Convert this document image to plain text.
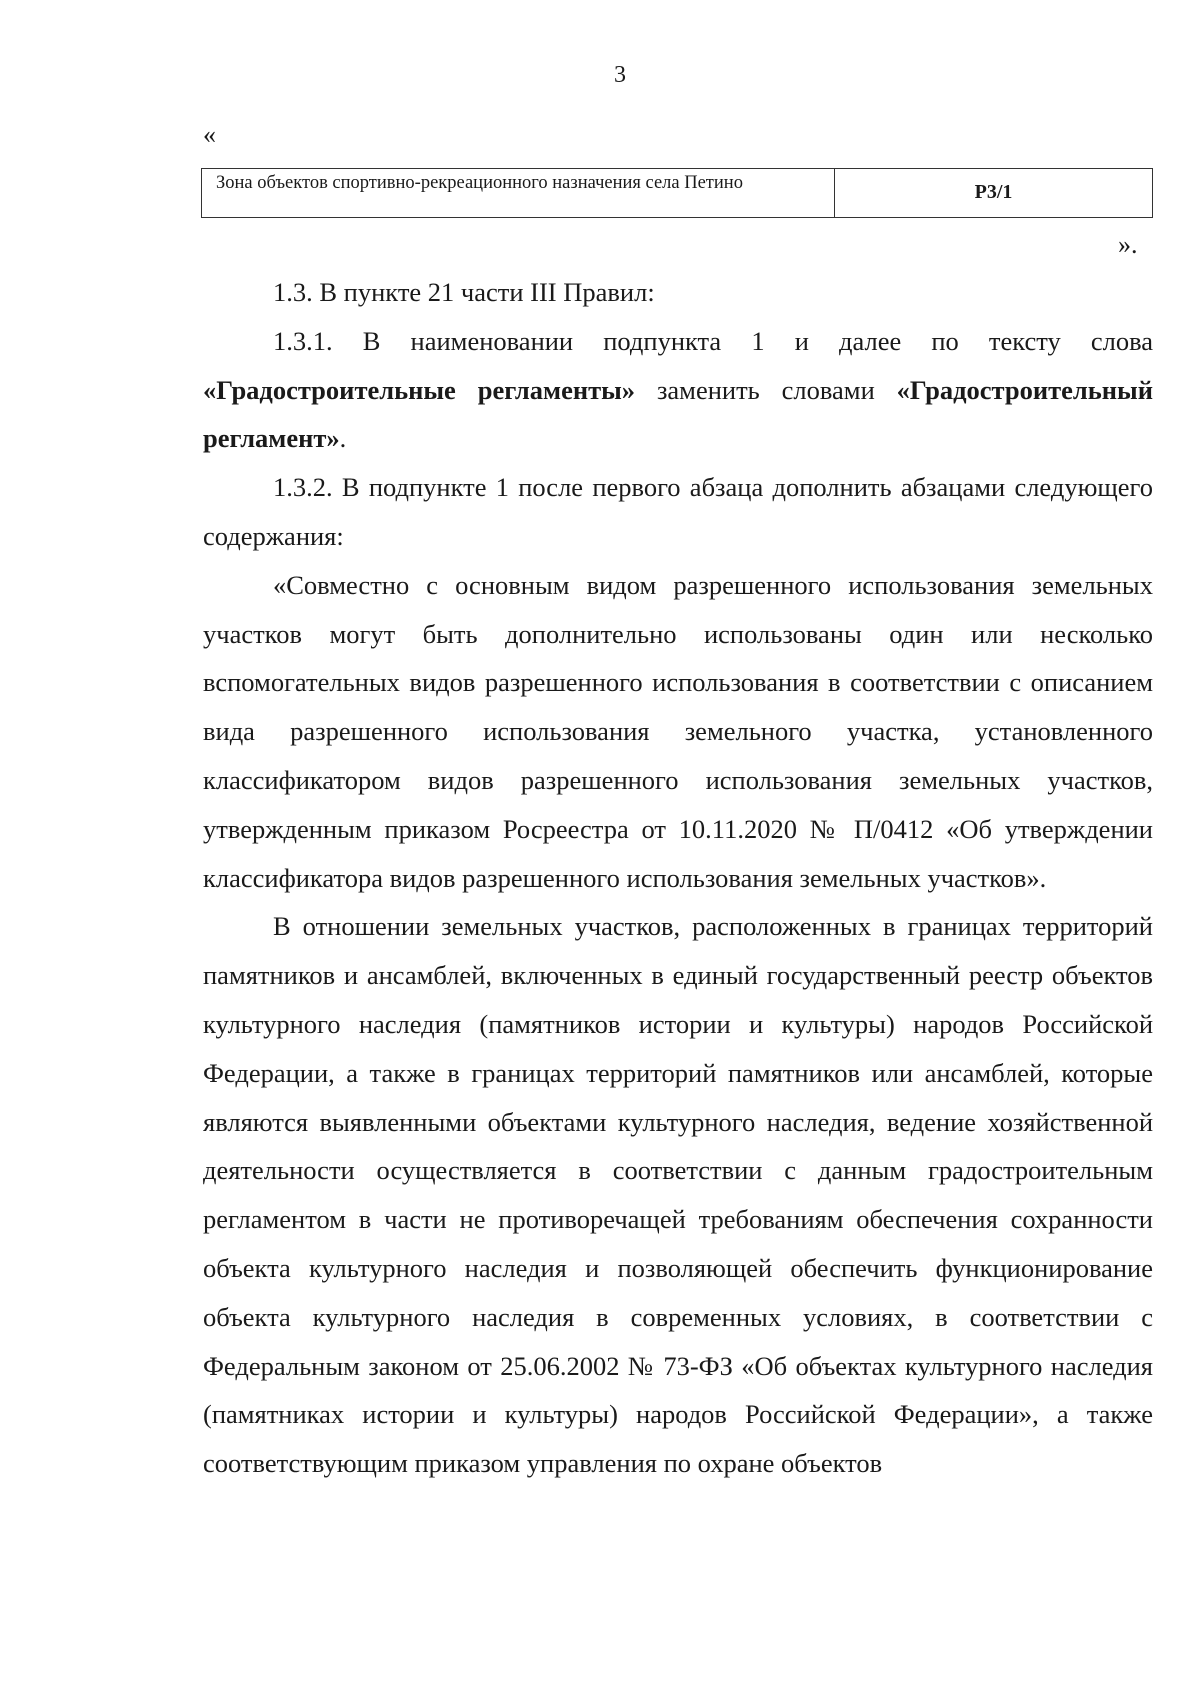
3
«
Зона объектов спортивно-рекреационного назначения села Петино	Р3/1
».

1.3. В пункте 21 части III Правил:

1.3.1. В наименовании подпункта 1 и далее по тексту слова «Градостроительные регламенты» заменить словами «Градостроительный регламент».

1.3.2. В подпункте 1 после первого абзаца дополнить абзацами следующего содержания:

«Совместно с основным видом разрешенного использования земельных участков могут быть дополнительно использованы один или несколько вспомогательных видов разрешенного использования в соответствии с описанием вида разрешенного использования земельного участка, установленного классификатором видов разрешенного использования земельных участков, утвержденным приказом Росреестра от 10.11.2020 № П/0412 «Об утверждении классификатора видов разрешенного использования земельных участков».

В отношении земельных участков, расположенных в границах территорий памятников и ансамблей, включенных в единый государственный реестр объектов культурного наследия (памятников истории и культуры) народов Российской Федерации, а также в границах территорий памятников или ансамблей, которые являются выявленными объектами культурного наследия, ведение хозяйственной деятельности осуществляется в соответствии с данным градостроительным регламентом в части не противоречащей требованиям обеспечения сохранности объекта культурного наследия и позволяющей обеспечить функционирование объекта культурного наследия в современных условиях, в соответствии с Федеральным законом от 25.06.2002 № 73-ФЗ «Об объектах культурного наследия (памятниках истории и культуры) народов Российской Федерации», а также соответствующим приказом управления по охране объектов
